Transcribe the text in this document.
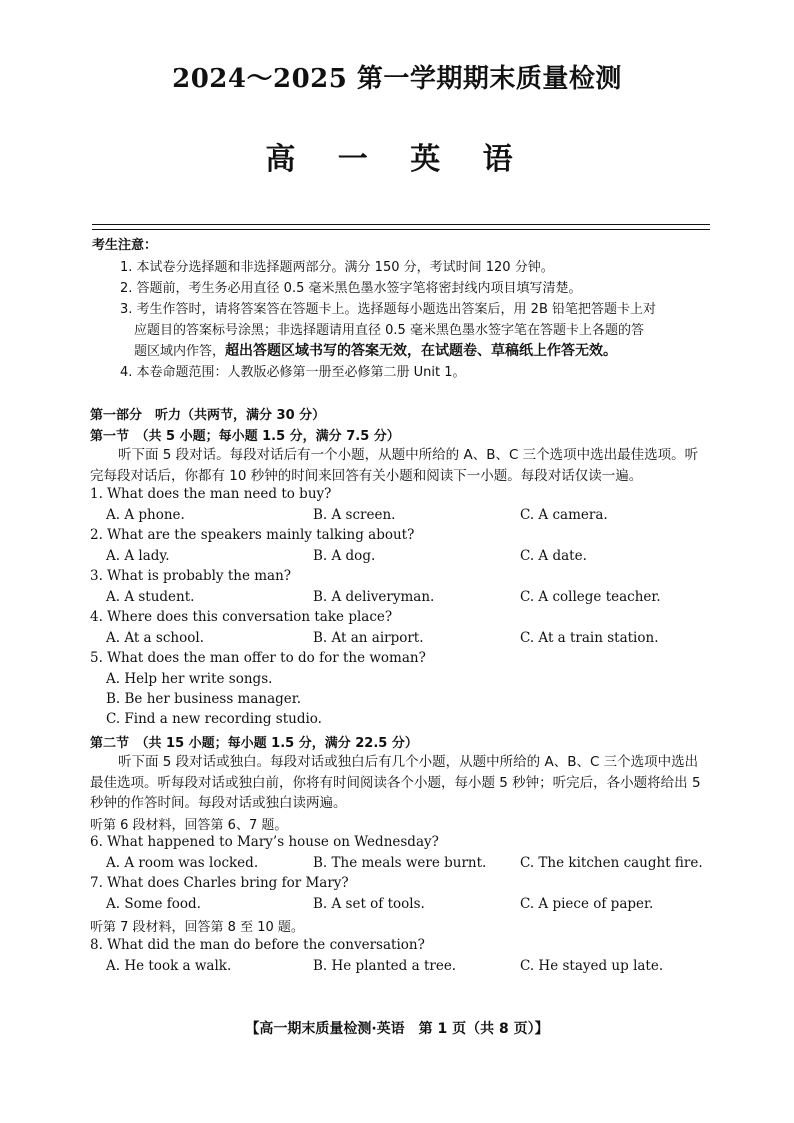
2024～2025 第一学期期末质量检测
高 一 英 语
考生注意：
1. 本试卷分选择题和非选择题两部分。满分 150 分，考试时间 120 分钟。
2. 答题前，考生务必用直径 0.5 毫米黑色墨水签字笔将密封线内项目填写清楚。
3. 考生作答时，请将答案答在答题卡上。选择题每小题选出答案后，用 2B 铅笔把答题卡上对
应题目的答案标号涂黑；非选择题请用直径 0.5 毫米黑色墨水签字笔在答题卡上各题的答
题区域内作答，超出答题区域书写的答案无效，在试题卷、草稿纸上作答无效。
4. 本卷命题范围：人教版必修第一册至必修第二册 Unit 1。
第一部分　听力（共两节，满分 30 分）
第一节　（共 5 小题；每小题 1.5 分，满分 7.5 分）
听下面 5 段对话。每段对话后有一个小题，从题中所给的 A、B、C 三个选项中选出最佳选项。听完每段对话后，你都有 10 秒钟的时间来回答有关小题和阅读下一小题。每段对话仅读一遍。
1. What does the man need to buy?
A. A phone.	B. A screen.	C. A camera.
2. What are the speakers mainly talking about?
A. A lady.	B. A dog.	C. A date.
3. What is probably the man?
A. A student.	B. A deliveryman.	C. A college teacher.
4. Where does this conversation take place?
A. At a school.	B. At an airport.	C. At a train station.
5. What does the man offer to do for the woman?
A. Help her write songs.
B. Be her business manager.
C. Find a new recording studio.
第二节　（共 15 小题；每小题 1.5 分，满分 22.5 分）
听下面 5 段对话或独白。每段对话或独白后有几个小题，从题中所给的 A、B、C 三个选项中选出最佳选项。听每段对话或独白前，你将有时间阅读各个小题，每小题 5 秒钟；听完后，各小题将给出 5 秒钟的作答时间。每段对话或独白读两遍。
听第 6 段材料，回答第 6、7 题。
6. What happened to Mary’s house on Wednesday?
A. A room was locked.	B. The meals were burnt. C. The kitchen caught fire.
7. What does Charles bring for Mary?
A. Some food.	B. A set of tools.	C. A piece of paper.
听第 7 段材料，回答第 8 至 10 题。
8. What did the man do before the conversation?
A. He took a walk.	B. He planted a tree.	C. He stayed up late.
【高一期末质量检测·英语　第 1 页（共 8 页）】
